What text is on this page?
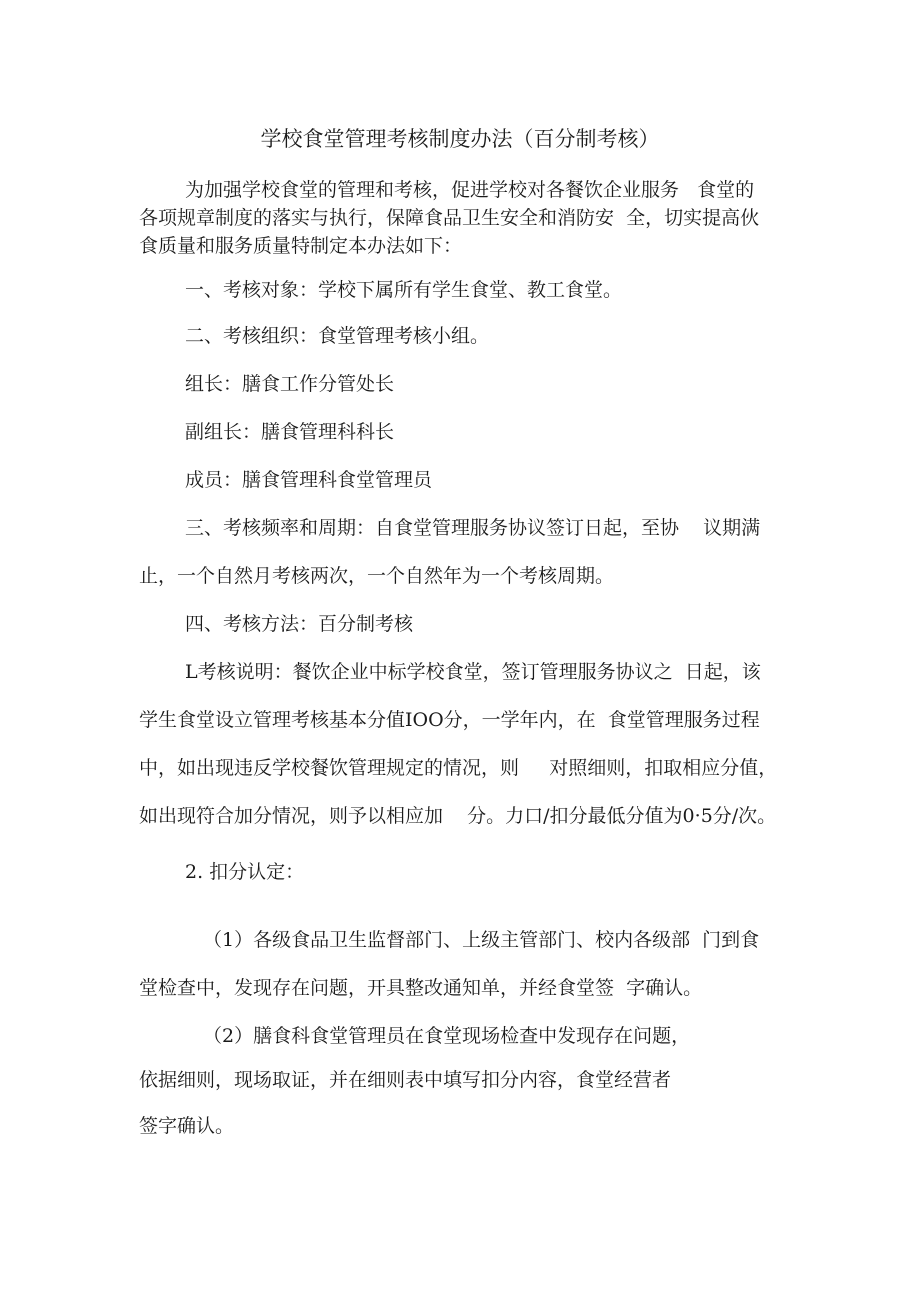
学校食堂管理考核制度办法（百分制考核）

为加强学校食堂的管理和考核，促进学校对各餐饮企业服务   食堂的

各项规章制度的落实与执行，保障食品卫生安全和消防安  全，切实提高伙

食质量和服务质量特制定本办法如下：

一、考核对象：学校下属所有学生食堂、教工食堂。

二、考核组织：食堂管理考核小组。

组长：膳食工作分管处长

副组长：膳食管理科科长

成员：膳食管理科食堂管理员

三、考核频率和周期：自食堂管理服务协议签订日起，至协    议期满

止，一个自然月考核两次，一个自然年为一个考核周期。

四、考核方法：百分制考核

L考核说明：餐饮企业中标学校食堂，签订管理服务协议之  日起，该

学生食堂设立管理考核基本分值IOO分，一学年内，在  食堂管理服务过程

中，如出现违反学校餐饮管理规定的情况，则     对照细则，扣取相应分值，

如出现符合加分情况，则予以相应加    分。力口/扣分最低分值为0·5分/次。

2. 扣分认定：

（1）各级食品卫生监督部门、上级主管部门、校内各级部  门到食

堂检查中，发现存在问题，开具整改通知单，并经食堂签  字确认。

（2）膳食科食堂管理员在食堂现场检查中发现存在问题，

依据细则，现场取证，并在细则表中填写扣分内容，食堂经营者

签字确认。
